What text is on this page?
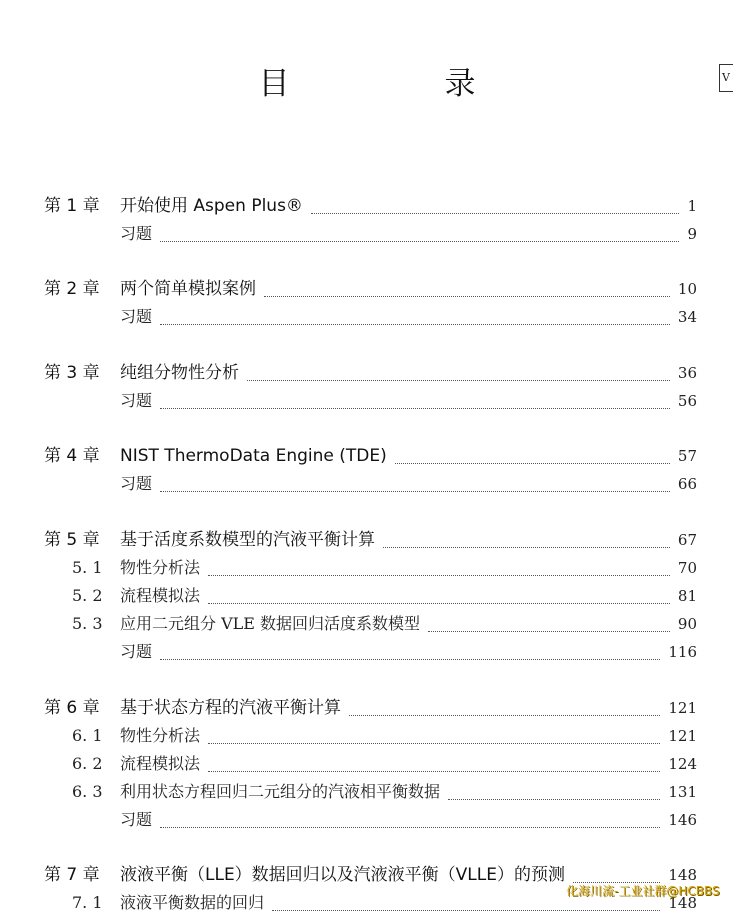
V
目　录
第 1 章 开始使用 Aspen Plus®	1
习题	9
第 2 章 两个简单模拟案例	10
习题	34
第 3 章 纯组分物性分析	36
习题	56
第 4 章 NIST ThermoData Engine (TDE)	57
习题	66
第 5 章 基于活度系数模型的汽液平衡计算	67
5. 1 物性分析法	70
5. 2 流程模拟法	81
5. 3 应用二元组分 VLE 数据回归活度系数模型	90
习题	116
第 6 章 基于状态方程的汽液平衡计算	121
6. 1 物性分析法	121
6. 2 流程模拟法	124
6. 3 利用状态方程回归二元组分的汽液相平衡数据	131
习题	146
第 7 章 液液平衡（LLE）数据回归以及汽液液平衡（VLLE）的预测	148
7. 1 液液平衡数据的回归	148
化海川流-工业社群@HCBBS
